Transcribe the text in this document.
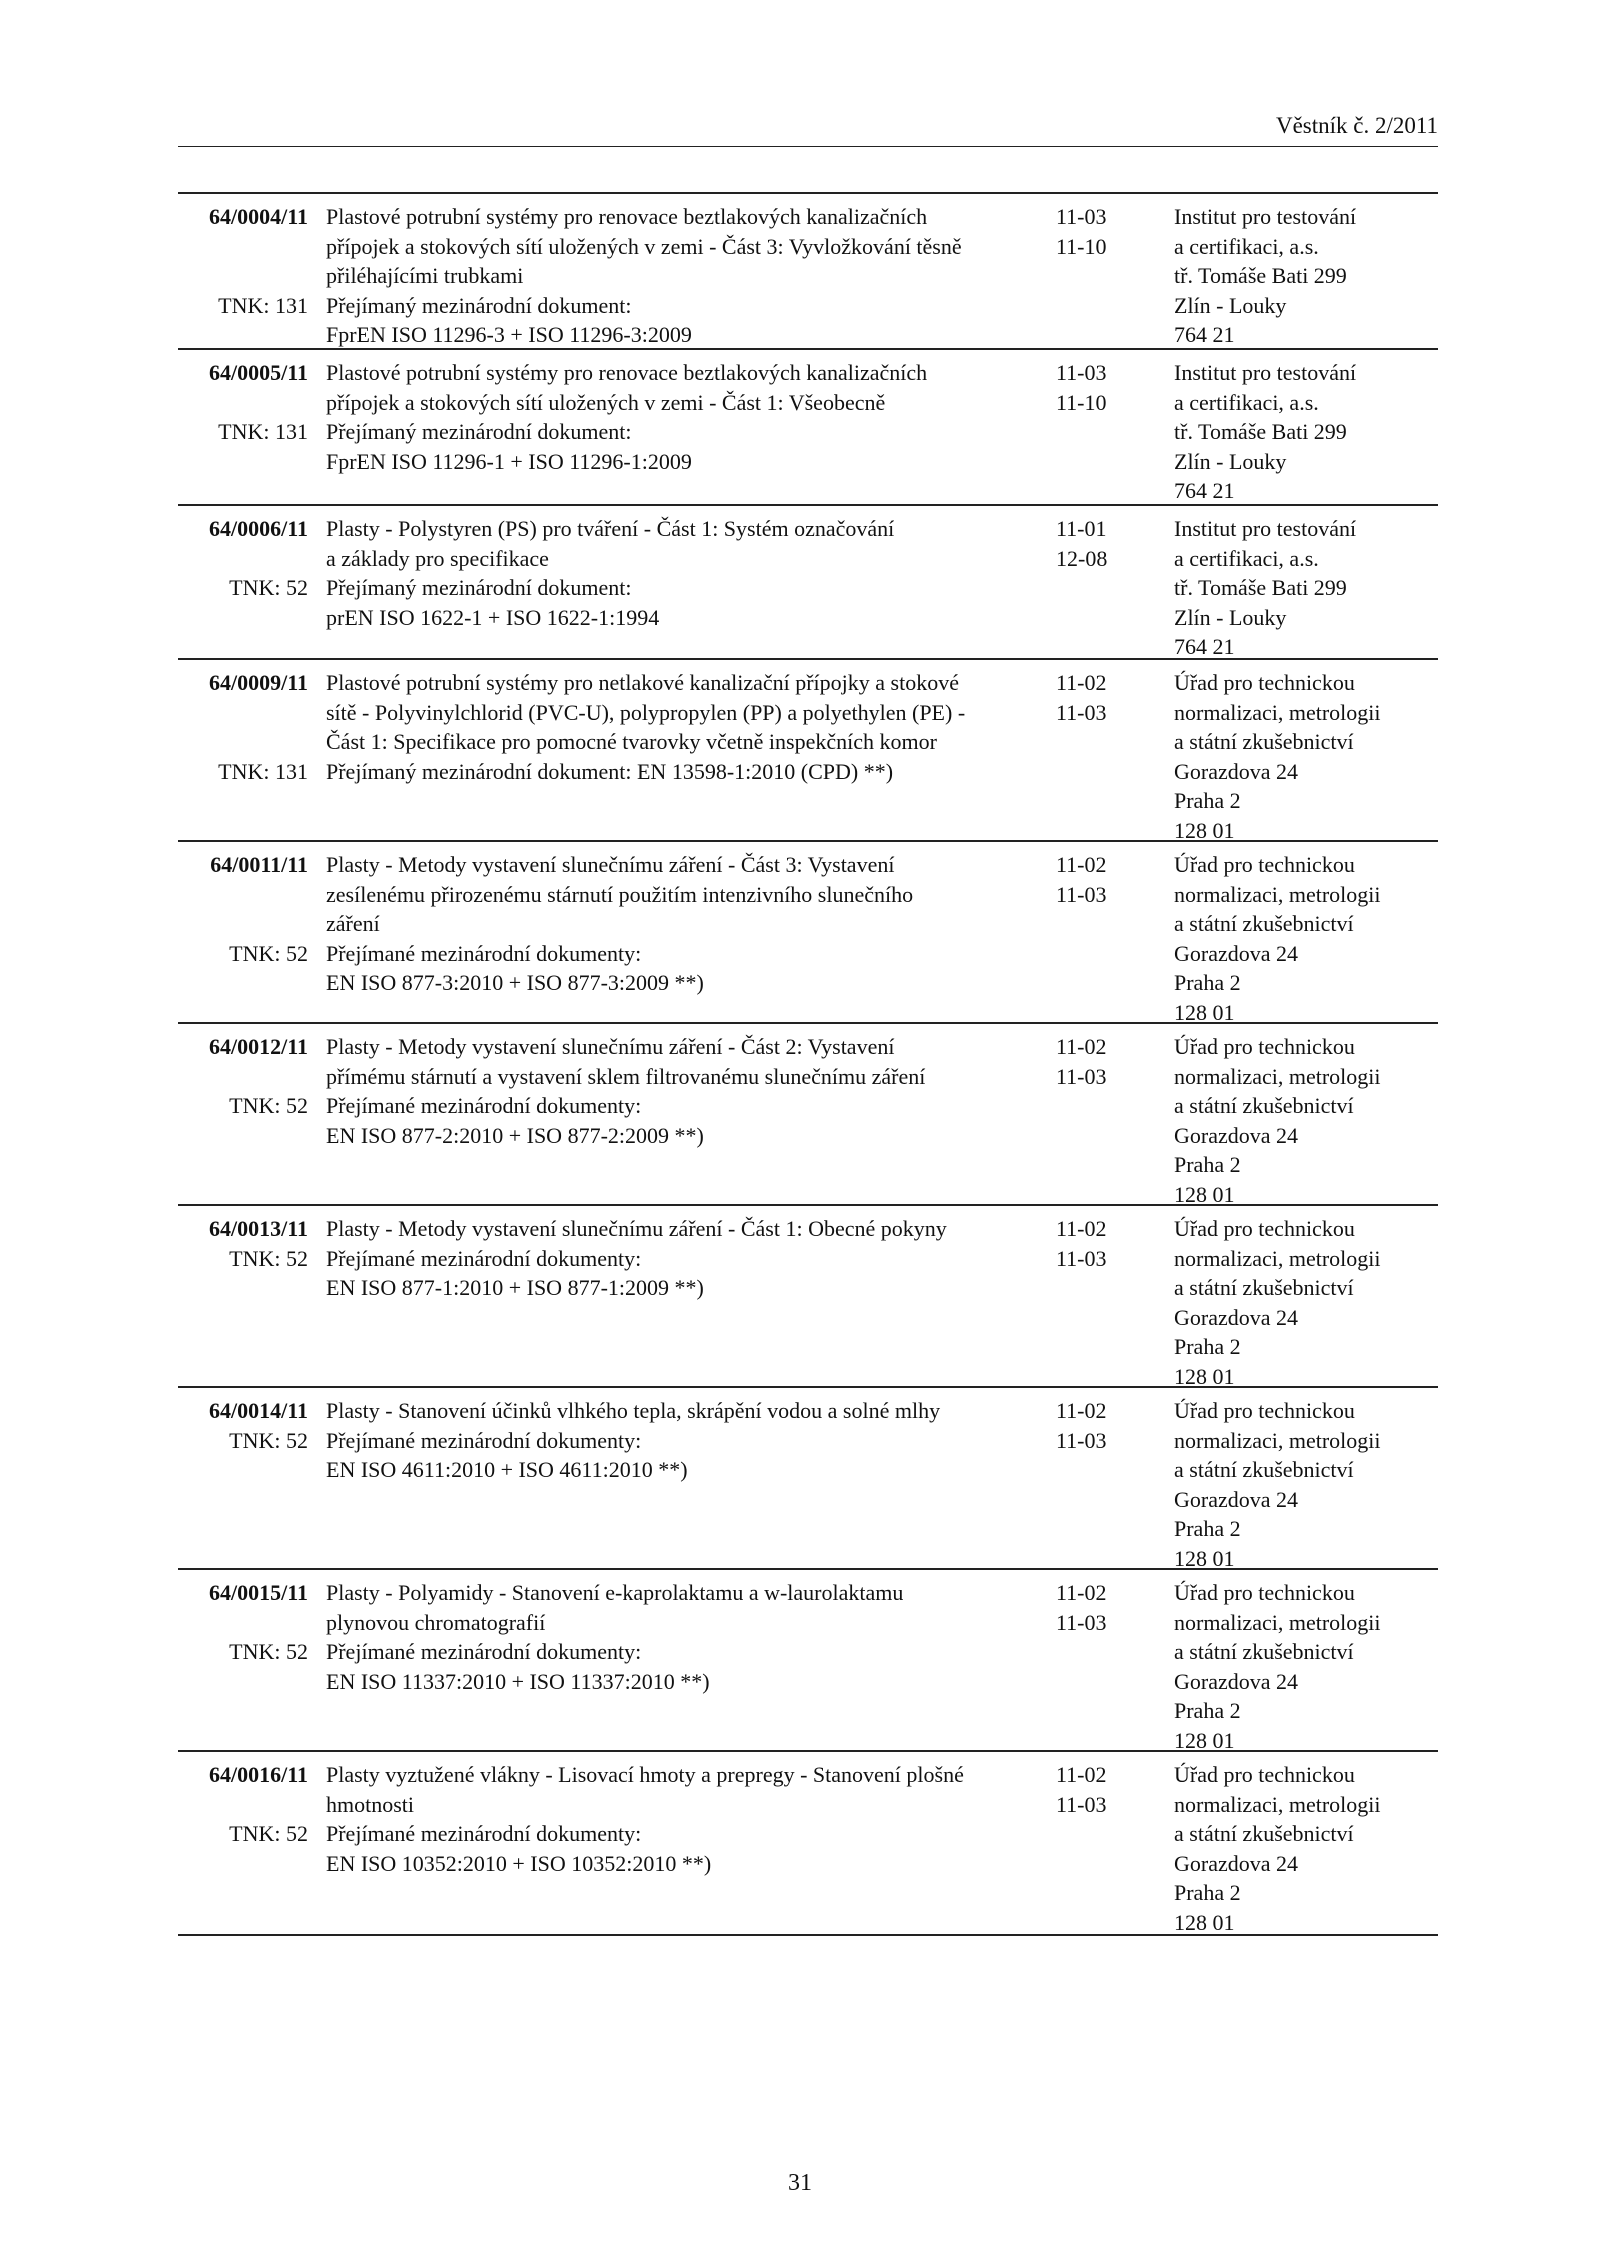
Věstník č. 2/2011
64/0004/11
TNK: 131
Plastové potrubní systémy pro renovace beztlakových kanalizačních
přípojek a stokových sítí uložených v zemi - Část 3: Vyvložkování těsně
přiléhajícími trubkami
Přejímaný mezinárodní dokument:
FprEN ISO 11296-3 + ISO 11296-3:2009
11-03
11-10
Institut pro testování
a certifikaci, a.s.
tř. Tomáše Bati 299
Zlín - Louky
764 21
64/0005/11
TNK: 131
Plastové potrubní systémy pro renovace beztlakových kanalizačních
přípojek a stokových sítí uložených v zemi - Část 1: Všeobecně
Přejímaný mezinárodní dokument:
FprEN ISO 11296-1 + ISO 11296-1:2009
11-03
11-10
Institut pro testování
a certifikaci, a.s.
tř. Tomáše Bati 299
Zlín - Louky
764 21
64/0006/11
TNK: 52
Plasty - Polystyren (PS) pro tváření - Část 1: Systém označování
a základy pro specifikace
Přejímaný mezinárodní dokument:
prEN ISO 1622-1 + ISO 1622-1:1994
11-01
12-08
Institut pro testování
a certifikaci, a.s.
tř. Tomáše Bati 299
Zlín - Louky
764 21
64/0009/11
TNK: 131
Plastové potrubní systémy pro netlakové kanalizační přípojky a stokové
sítě - Polyvinylchlorid (PVC-U), polypropylen (PP) a polyethylen (PE) -
Část 1: Specifikace pro pomocné tvarovky včetně inspekčních komor
Přejímaný mezinárodní dokument: EN 13598-1:2010 (CPD) **)
11-02
11-03
Úřad pro technickou
normalizaci, metrologii
a státní zkušebnictví
Gorazdova 24
Praha 2
128 01
64/0011/11
TNK: 52
Plasty - Metody vystavení slunečnímu záření - Část 3: Vystavení
zesílenému přirozenému stárnutí použitím intenzivního slunečního
záření
Přejímané mezinárodní dokumenty:
EN ISO 877-3:2010 + ISO 877-3:2009 **)
11-02
11-03
Úřad pro technickou
normalizaci, metrologii
a státní zkušebnictví
Gorazdova 24
Praha 2
128 01
64/0012/11
TNK: 52
Plasty - Metody vystavení slunečnímu záření - Část 2: Vystavení
přímému stárnutí a vystavení sklem filtrovanému slunečnímu záření
Přejímané mezinárodní dokumenty:
EN ISO 877-2:2010 + ISO 877-2:2009 **)
11-02
11-03
Úřad pro technickou
normalizaci, metrologii
a státní zkušebnictví
Gorazdova 24
Praha 2
128 01
64/0013/11
TNK: 52
Plasty - Metody vystavení slunečnímu záření - Část 1: Obecné pokyny
Přejímané mezinárodní dokumenty:
EN ISO 877-1:2010 + ISO 877-1:2009 **)
11-02
11-03
Úřad pro technickou
normalizaci, metrologii
a státní zkušebnictví
Gorazdova 24
Praha 2
128 01
64/0014/11
TNK: 52
Plasty - Stanovení účinků vlhkého tepla, skrápění vodou a solné mlhy
Přejímané mezinárodní dokumenty:
EN ISO 4611:2010 + ISO 4611:2010 **)
11-02
11-03
Úřad pro technickou
normalizaci, metrologii
a státní zkušebnictví
Gorazdova 24
Praha 2
128 01
64/0015/11
TNK: 52
Plasty - Polyamidy - Stanovení e-kaprolaktamu a w-laurolaktamu
plynovou chromatografií
Přejímané mezinárodní dokumenty:
EN ISO 11337:2010 + ISO 11337:2010 **)
11-02
11-03
Úřad pro technickou
normalizaci, metrologii
a státní zkušebnictví
Gorazdova 24
Praha 2
128 01
64/0016/11
TNK: 52
Plasty vyztužené vlákny - Lisovací hmoty a prepregy - Stanovení plošné
hmotnosti
Přejímané mezinárodní dokumenty:
EN ISO 10352:2010 + ISO 10352:2010 **)
11-02
11-03
Úřad pro technickou
normalizaci, metrologii
a státní zkušebnictví
Gorazdova 24
Praha 2
128 01
31
